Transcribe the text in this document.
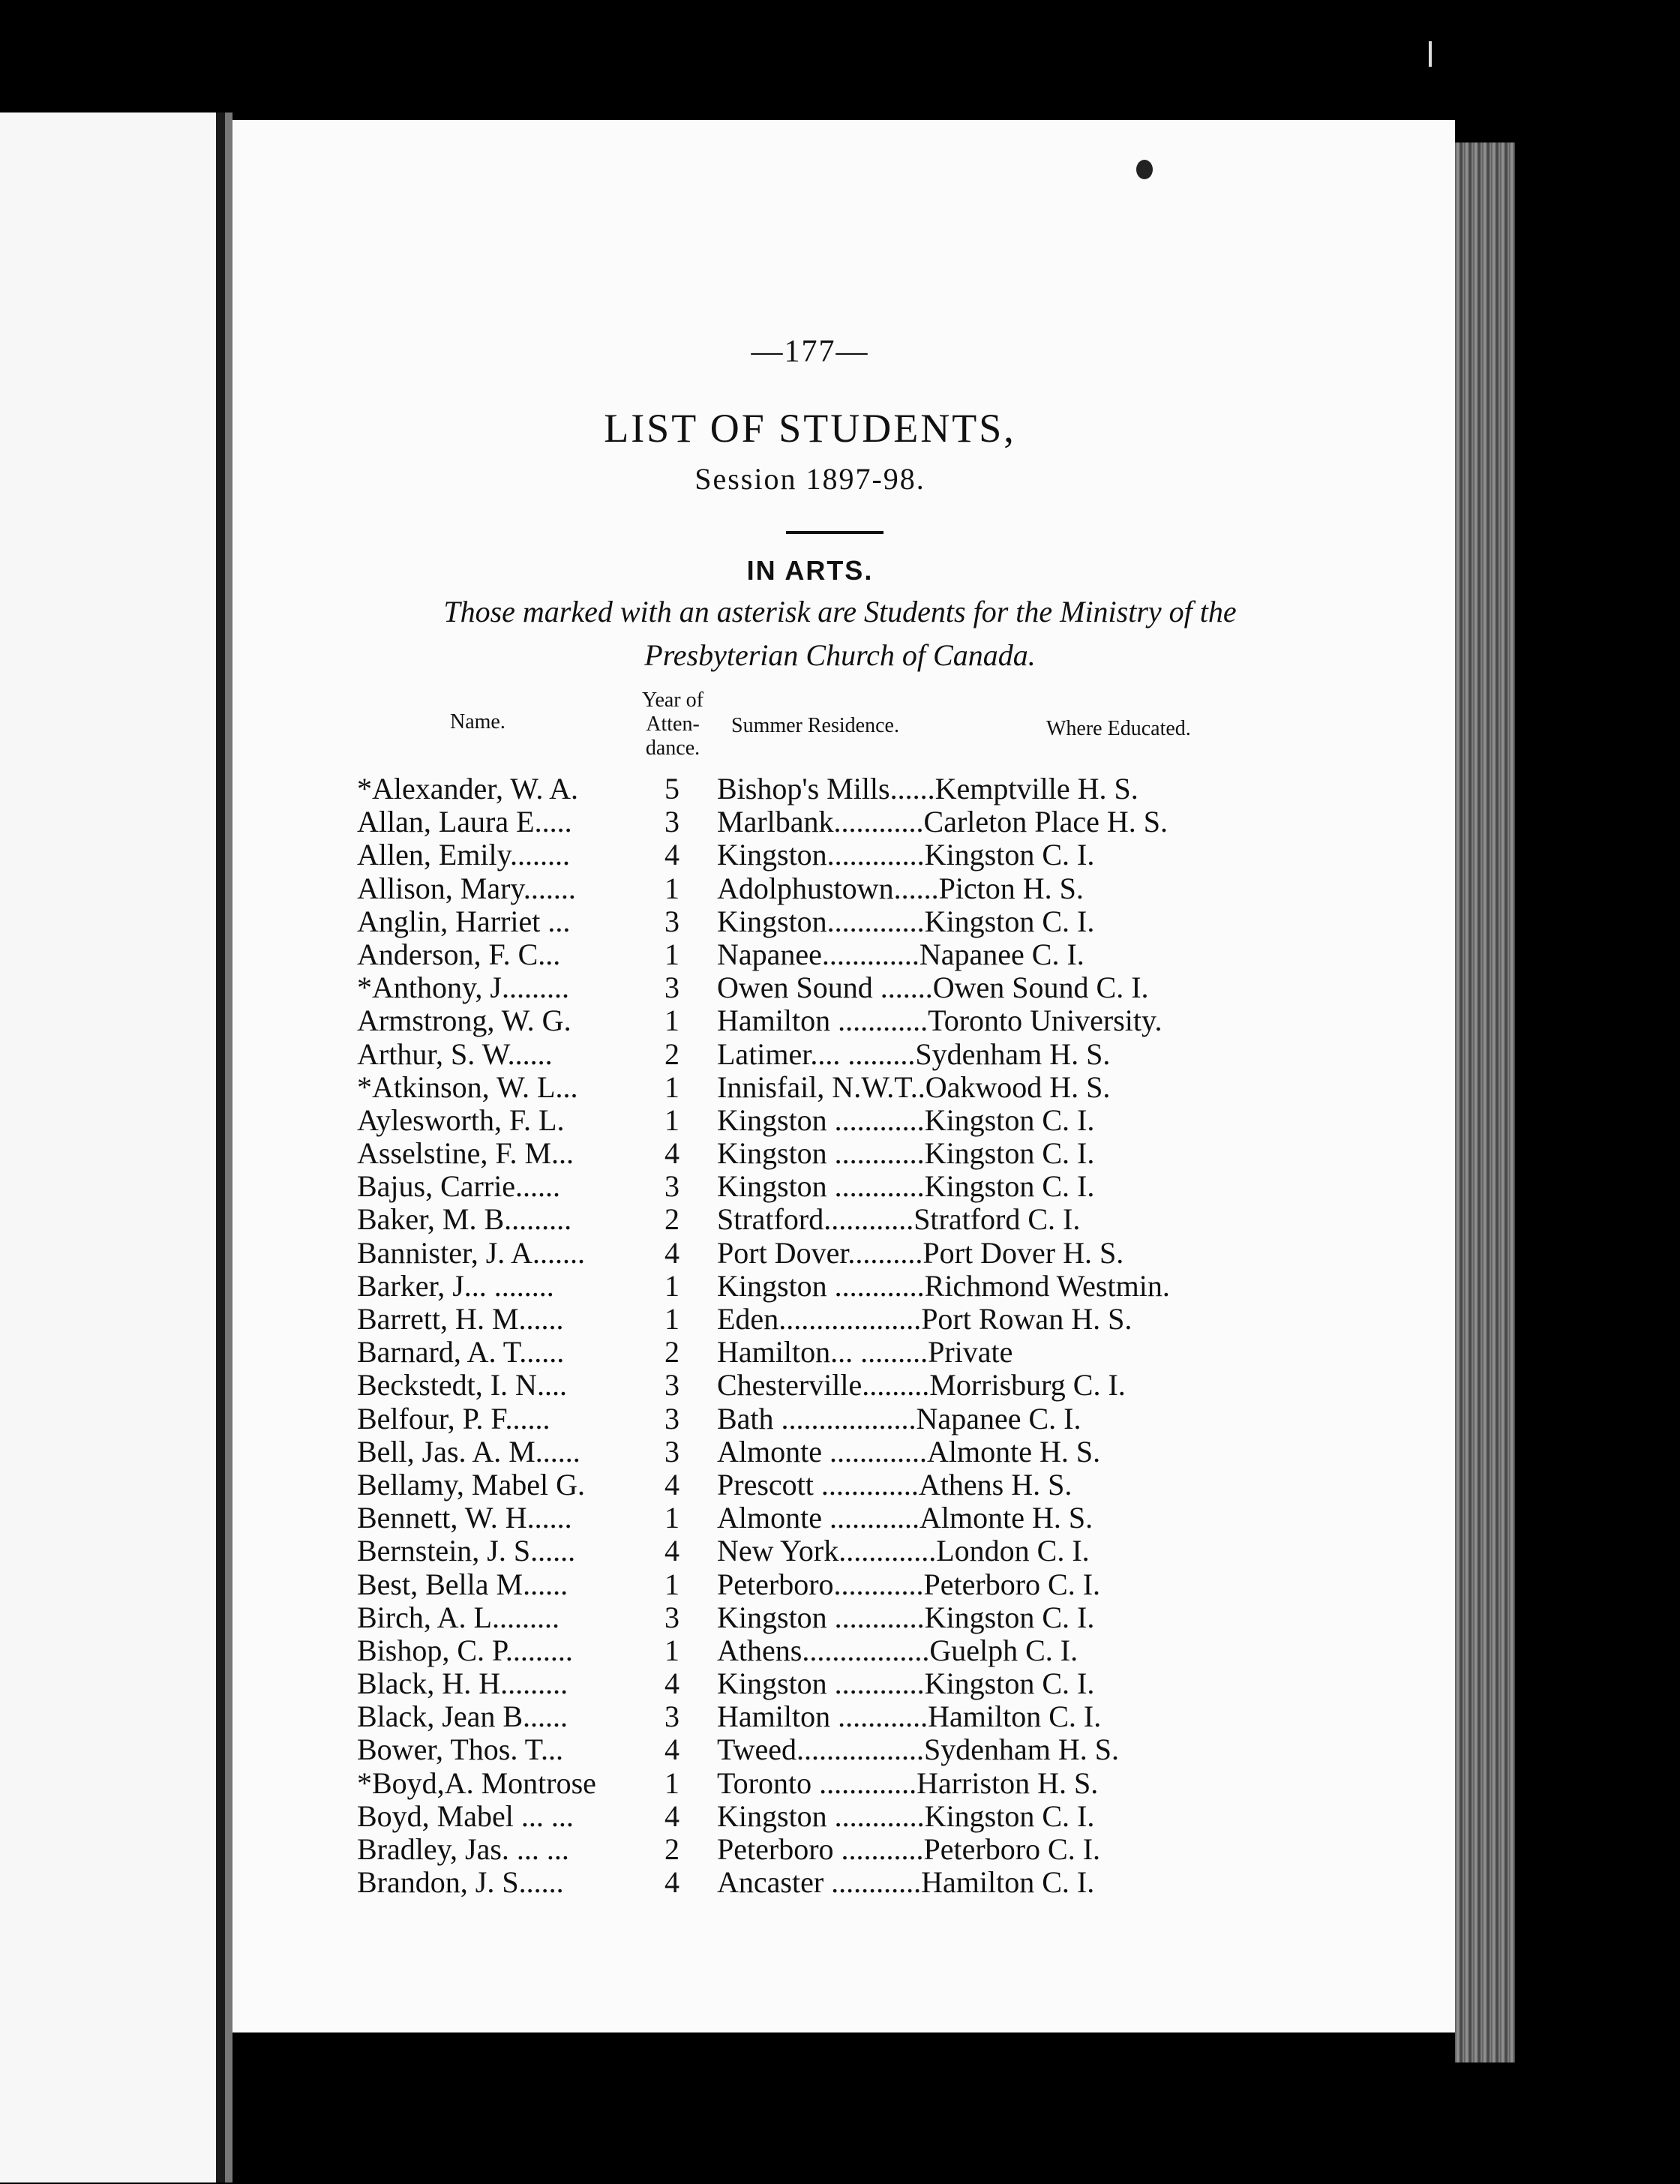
—177—
LIST OF STUDENTS,
Session 1897-98.
IN ARTS.
Those marked with an asterisk are Students for the Ministry of the
Presbyterian Church of Canada.
Name.
Year of
Atten-
dance.
Summer Residence.	Where Educated.
*Alexander, W. A.	5 Bishop's Mills......Kemptville H. S.
Allan, Laura E.....	3 Marlbank............Carleton Place H. S.
Allen, Emily........	4 Kingston.............Kingston C. I.
Allison, Mary.......	1 Adolphustown......Picton H. S.
Anglin, Harriet ...	3 Kingston.............Kingston C. I.
Anderson, F. C...	1 Napanee.............Napanee C. I.
*Anthony, J.........	3 Owen Sound .......Owen Sound C. I.
Armstrong, W. G.	1 Hamilton ............Toronto University.
Arthur, S. W......	2 Latimer.... .........Sydenham H. S.
*Atkinson, W. L...	1 Innisfail, N.W.T..Oakwood H. S.
Aylesworth, F. L.	1 Kingston ............Kingston C. I.
Asselstine, F. M...	4 Kingston ............Kingston C. I.
Bajus, Carrie......	3 Kingston ............Kingston C. I.
Baker, M. B.........	2 Stratford............Stratford C. I.
Bannister, J. A.......	4 Port Dover..........Port Dover H. S.
Barker, J... ........	1 Kingston ............Richmond Westmin.
Barrett, H. M......	1 Eden...................Port Rowan H. S.
Barnard, A. T......	2 Hamilton... .........Private
Beckstedt, I. N....	3 Chesterville.........Morrisburg C. I.
Belfour, P. F......	3 Bath ..................Napanee C. I.
Bell, Jas. A. M......	3 Almonte .............Almonte H. S.
Bellamy, Mabel G.	4 Prescott .............Athens H. S.
Bennett, W. H......	1 Almonte ............Almonte H. S.
Bernstein, J. S......	4 New York.............London C. I.
Best, Bella M......	1 Peterboro............Peterboro C. I.
Birch, A. L.........	3 Kingston ............Kingston C. I.
Bishop, C. P.........	1 Athens.................Guelph C. I.
Black, H. H.........	4 Kingston ............Kingston C. I.
Black, Jean B......	3 Hamilton ............Hamilton C. I.
Bower, Thos. T...	4 Tweed.................Sydenham H. S.
*Boyd,A. Montrose 1 Toronto .............Harriston H. S.
Boyd, Mabel ... ...	4 Kingston ............Kingston C. I.
Bradley, Jas. ... ...	2 Peterboro ...........Peterboro C. I.
Brandon, J. S......	4 Ancaster ............Hamilton C. I.
